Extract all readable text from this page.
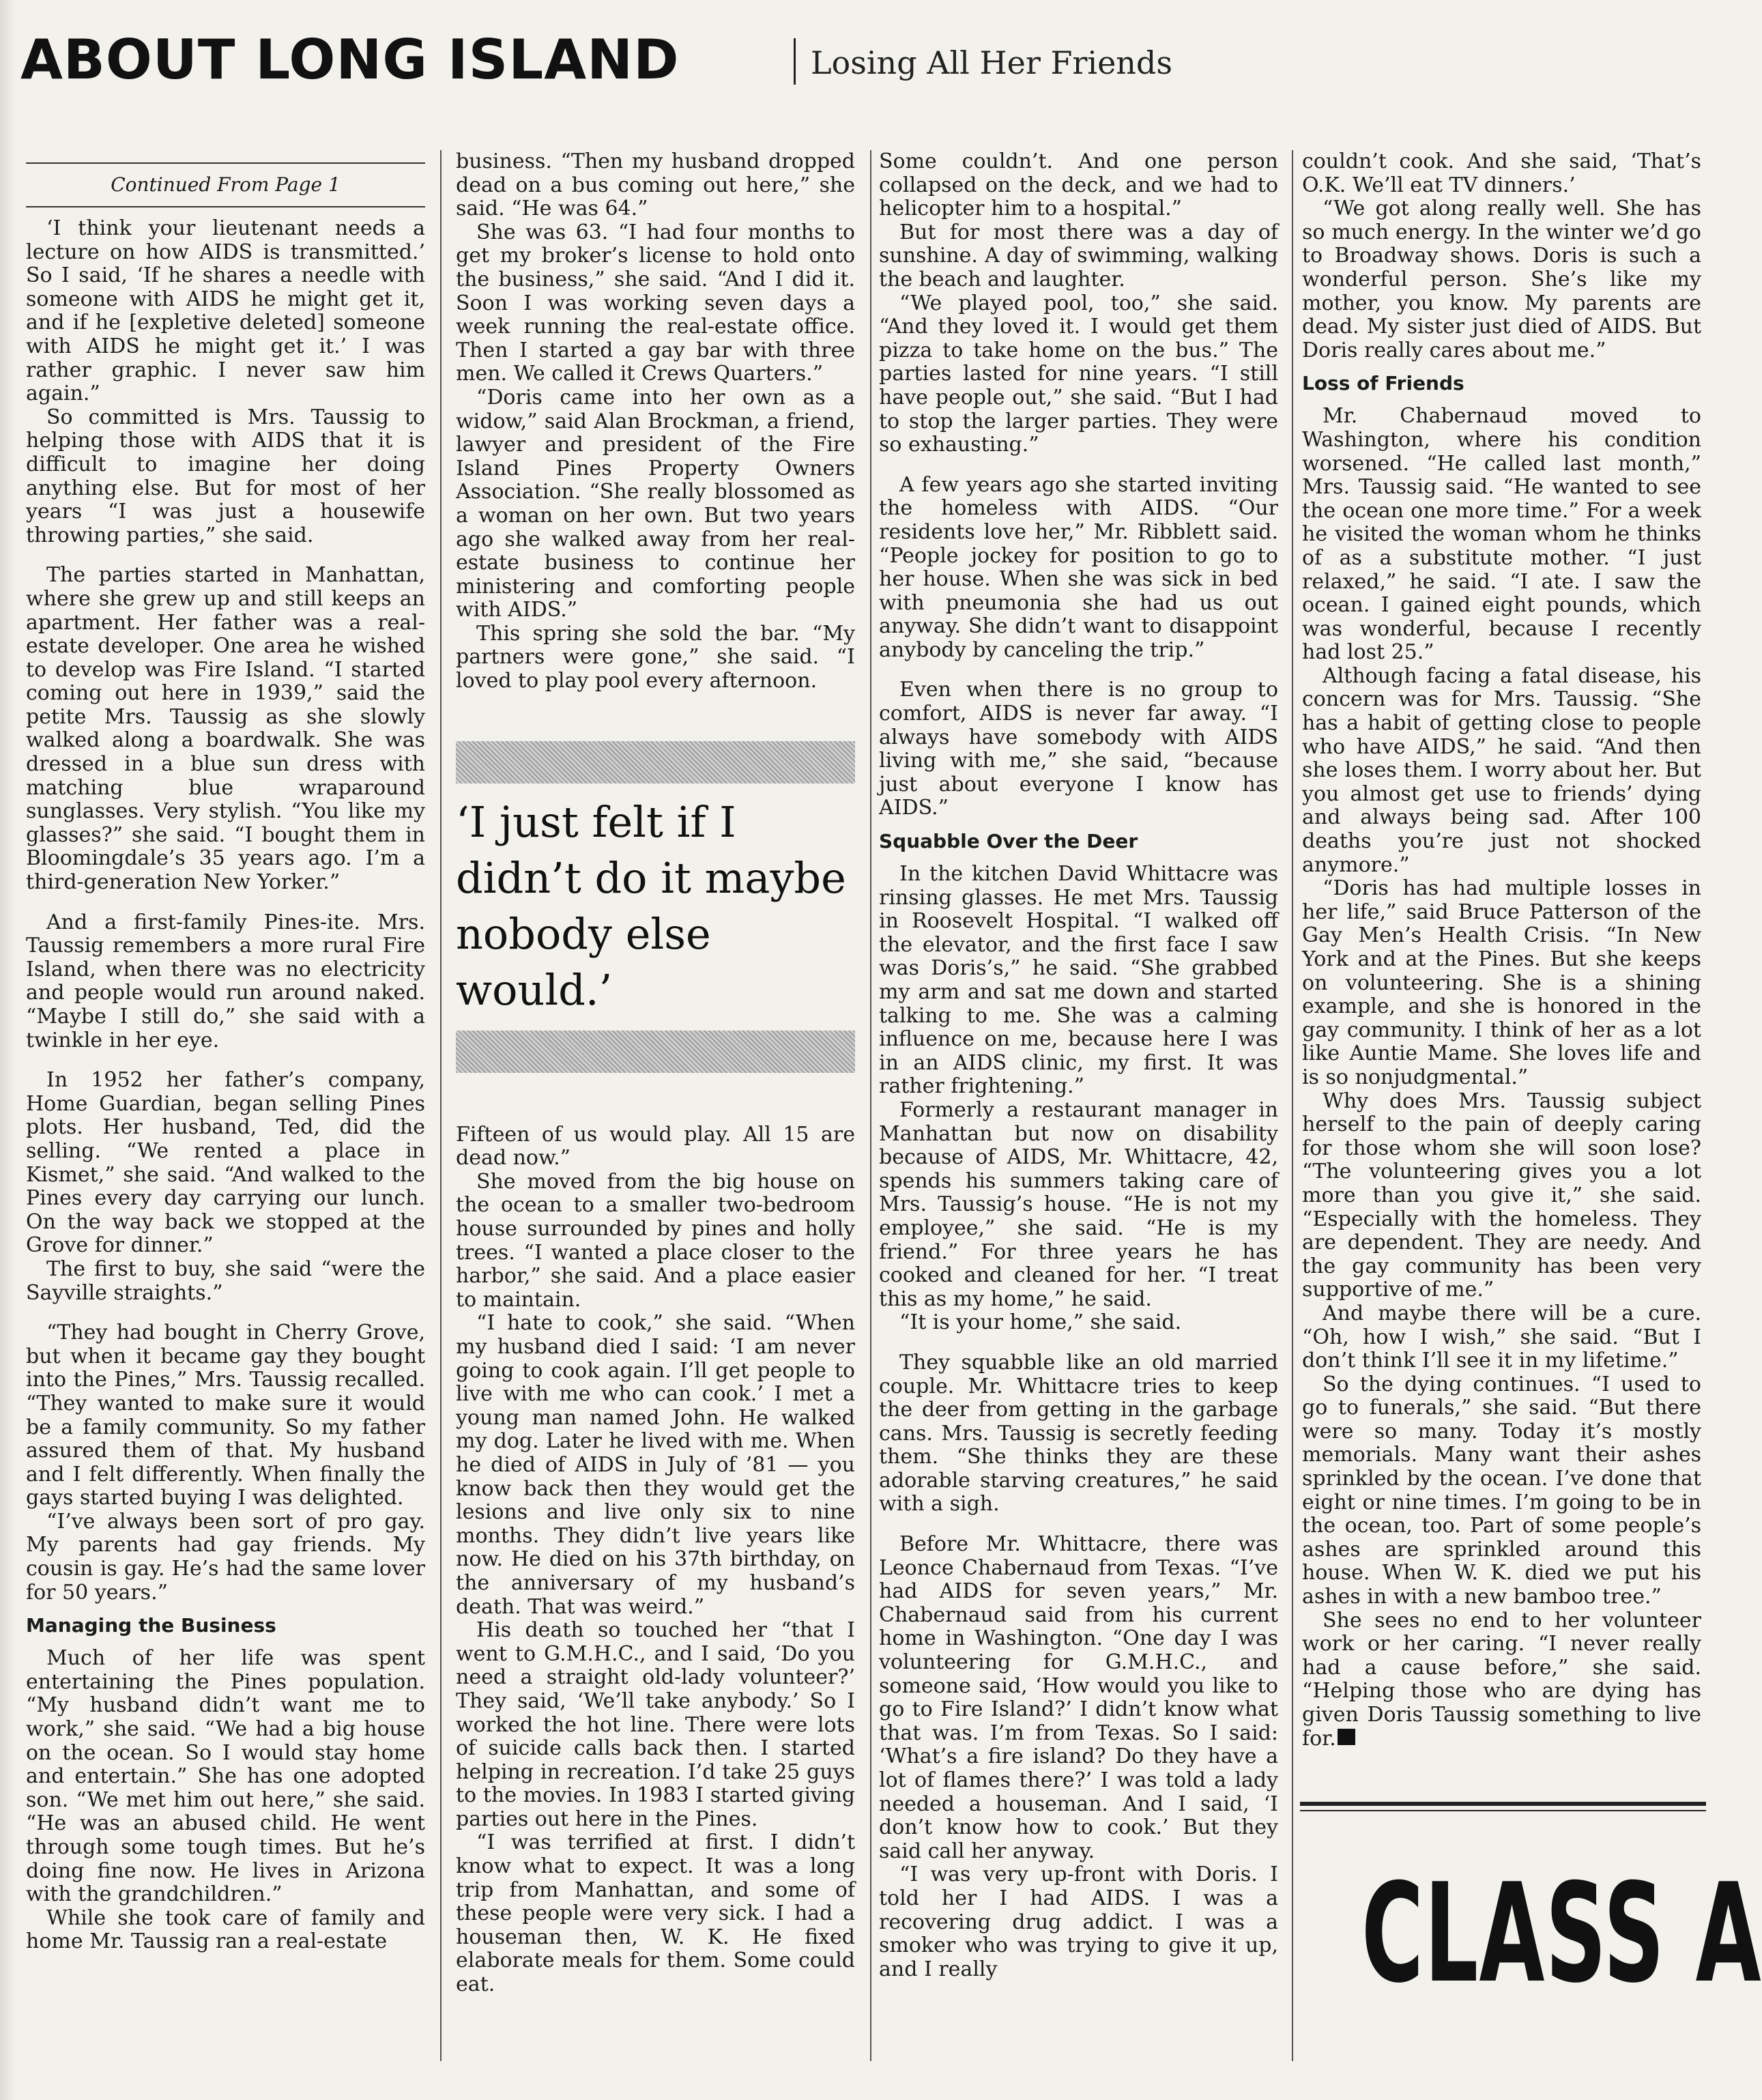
ABOUT LONG ISLAND	Losing All Her Friends
Continued From Page 1

‘I think your lieutenant needs a lecture on how AIDS is transmitted.’ So I said, ‘If he shares a needle with someone with AIDS he might get it, and if he [expletive deleted] someone with AIDS he might get it.’ I was rather graphic. I never saw him again.”

So committed is Mrs. Taussig to helping those with AIDS that it is difficult to imagine her doing anything else. But for most of her years “I was just a housewife throwing parties,” she said.

The parties started in Manhattan, where she grew up and still keeps an apartment. Her father was a real-estate developer. One area he wished to develop was Fire Island. “I started coming out here in 1939,” said the petite Mrs. Taussig as she slowly walked along a boardwalk. She was dressed in a blue sun dress with matching blue wraparound sunglasses. Very stylish. “You like my glasses?” she said. “I bought them in Bloomingdale’s 35 years ago. I’m a third-generation New Yorker.”

And a first-family Pines-ite. Mrs. Taussig remembers a more rural Fire Island, when there was no electricity and people would run around naked. “Maybe I still do,” she said with a twinkle in her eye.

In 1952 her father’s company, Home Guardian, began selling Pines plots. Her husband, Ted, did the selling. “We rented a place in Kismet,” she said. “And walked to the Pines every day carrying our lunch. On the way back we stopped at the Grove for dinner.”

The first to buy, she said “were the Sayville straights.”

“They had bought in Cherry Grove, but when it became gay they bought into the Pines,” Mrs. Taussig recalled. “They wanted to make sure it would be a family community. So my father assured them of that. My husband and I felt differently. When finally the gays started buying I was delighted.

“I’ve always been sort of pro gay. My parents had gay friends. My cousin is gay. He’s had the same lover for 50 years.”

Managing the Business

Much of her life was spent entertaining the Pines population. “My husband didn’t want me to work,” she said. “We had a big house on the ocean. So I would stay home and entertain.” She has one adopted son. “We met him out here,” she said. “He was an abused child. He went through some tough times. But he’s doing fine now. He lives in Arizona with the grandchildren.”

While she took care of family and home Mr. Taussig ran a real-estate

business. “Then my husband dropped dead on a bus coming out here,” she said. “He was 64.”

She was 63. “I had four months to get my broker’s license to hold onto the business,” she said. “And I did it. Soon I was working seven days a week running the real-estate office. Then I started a gay bar with three men. We called it Crews Quarters.”

“Doris came into her own as a widow,” said Alan Brockman, a friend, lawyer and president of the Fire Island Pines Property Owners Association. “She really blossomed as a woman on her own. But two years ago she walked away from her real-estate business to continue her ministering and comforting people with AIDS.”

This spring she sold the bar. “My partners were gone,” she said. “I loved to play pool every afternoon.

‘I just felt if I didn’t do it maybe nobody else would.’

Fifteen of us would play. All 15 are dead now.”

She moved from the big house on the ocean to a smaller two-bedroom house surrounded by pines and holly trees. “I wanted a place closer to the harbor,” she said. And a place easier to maintain.

“I hate to cook,” she said. “When my husband died I said: ‘I am never going to cook again. I’ll get people to live with me who can cook.’ I met a young man named John. He walked my dog. Later he lived with me. When he died of AIDS in July of ’81 — you know back then they would get the lesions and live only six to nine months. They didn’t live years like now. He died on his 37th birthday, on the anniversary of my husband’s death. That was weird.”

His death so touched her “that I went to G.M.H.C., and I said, ‘Do you need a straight old-lady volunteer?’ They said, ‘We’ll take anybody.’ So I worked the hot line. There were lots of suicide calls back then. I started helping in recreation. I’d take 25 guys to the movies. In 1983 I started giving parties out here in the Pines.

“I was terrified at first. I didn’t know what to expect. It was a long trip from Manhattan, and some of these people were very sick. I had a houseman then, W. K. He fixed elaborate meals for them. Some could eat.

Some couldn’t. And one person collapsed on the deck, and we had to helicopter him to a hospital.”

But for most there was a day of sunshine. A day of swimming, walking the beach and laughter.

“We played pool, too,” she said. “And they loved it. I would get them pizza to take home on the bus.” The parties lasted for nine years. “I still have people out,” she said. “But I had to stop the larger parties. They were so exhausting.”

A few years ago she started inviting the homeless with AIDS. “Our residents love her,” Mr. Ribblett said. “People jockey for position to go to her house. When she was sick in bed with pneumonia she had us out anyway. She didn’t want to disappoint anybody by canceling the trip.”

Even when there is no group to comfort, AIDS is never far away. “I always have somebody with AIDS living with me,” she said, “because just about everyone I know has AIDS.”

Squabble Over the Deer

In the kitchen David Whittacre was rinsing glasses. He met Mrs. Taussig in Roosevelt Hospital. “I walked off the elevator, and the first face I saw was Doris’s,” he said. “She grabbed my arm and sat me down and started talking to me. She was a calming influence on me, because here I was in an AIDS clinic, my first. It was rather frightening.”

Formerly a restaurant manager in Manhattan but now on disability because of AIDS, Mr. Whittacre, 42, spends his summers taking care of Mrs. Taussig’s house. “He is not my employee,” she said. “He is my friend.” For three years he has cooked and cleaned for her. “I treat this as my home,” he said.

“It is your home,” she said.

They squabble like an old married couple. Mr. Whittacre tries to keep the deer from getting in the garbage cans. Mrs. Taussig is secretly feeding them. “She thinks they are these adorable starving creatures,” he said with a sigh.

Before Mr. Whittacre, there was Leonce Chabernaud from Texas. “I’ve had AIDS for seven years,” Mr. Chabernaud said from his current home in Washington. “One day I was volunteering for G.M.H.C., and someone said, ‘How would you like to go to Fire Island?’ I didn’t know what that was. I’m from Texas. So I said: ‘What’s a fire island? Do they have a lot of flames there?’ I was told a lady needed a houseman. And I said, ‘I don’t know how to cook.’ But they said call her anyway.

“I was very up-front with Doris. I told her I had AIDS. I was a recovering drug addict. I was a smoker who was trying to give it up, and I really

couldn’t cook. And she said, ‘That’s O.K. We’ll eat TV dinners.’

“We got along really well. She has so much energy. In the winter we’d go to Broadway shows. Doris is such a wonderful person. She’s like my mother, you know. My parents are dead. My sister just died of AIDS. But Doris really cares about me.”

Loss of Friends

Mr. Chabernaud moved to Washington, where his condition worsened. “He called last month,” Mrs. Taussig said. “He wanted to see the ocean one more time.” For a week he visited the woman whom he thinks of as a substitute mother. “I just relaxed,” he said. “I ate. I saw the ocean. I gained eight pounds, which was wonderful, because I recently had lost 25.”

Although facing a fatal disease, his concern was for Mrs. Taussig. “She has a habit of getting close to people who have AIDS,” he said. “And then she loses them. I worry about her. But you almost get use to friends’ dying and always being sad. After 100 deaths you’re just not shocked anymore.”

“Doris has had multiple losses in her life,” said Bruce Patterson of the Gay Men’s Health Crisis. “In New York and at the Pines. But she keeps on volunteering. She is a shining example, and she is honored in the gay community. I think of her as a lot like Auntie Mame. She loves life and is so nonjudgmental.”

Why does Mrs. Taussig subject herself to the pain of deeply caring for those whom she will soon lose? “The volunteering gives you a lot more than you give it,” she said. “Especially with the homeless. They are dependent. They are needy. And the gay community has been very supportive of me.”

And maybe there will be a cure. “Oh, how I wish,” she said. “But I don’t think I’ll see it in my lifetime.”

So the dying continues. “I used to go to funerals,” she said. “But there were so many. Today it’s mostly memorials. Many want their ashes sprinkled by the ocean. I’ve done that eight or nine times. I’m going to be in the ocean, too. Part of some people’s ashes are sprinkled around this house. When W. K. died we put his ashes in with a new bamboo tree.”

She sees no end to her volunteer work or her caring. “I never really had a cause before,” she said. “Helping those who are dying has given Doris Taussig something to live for.

CLASS A
